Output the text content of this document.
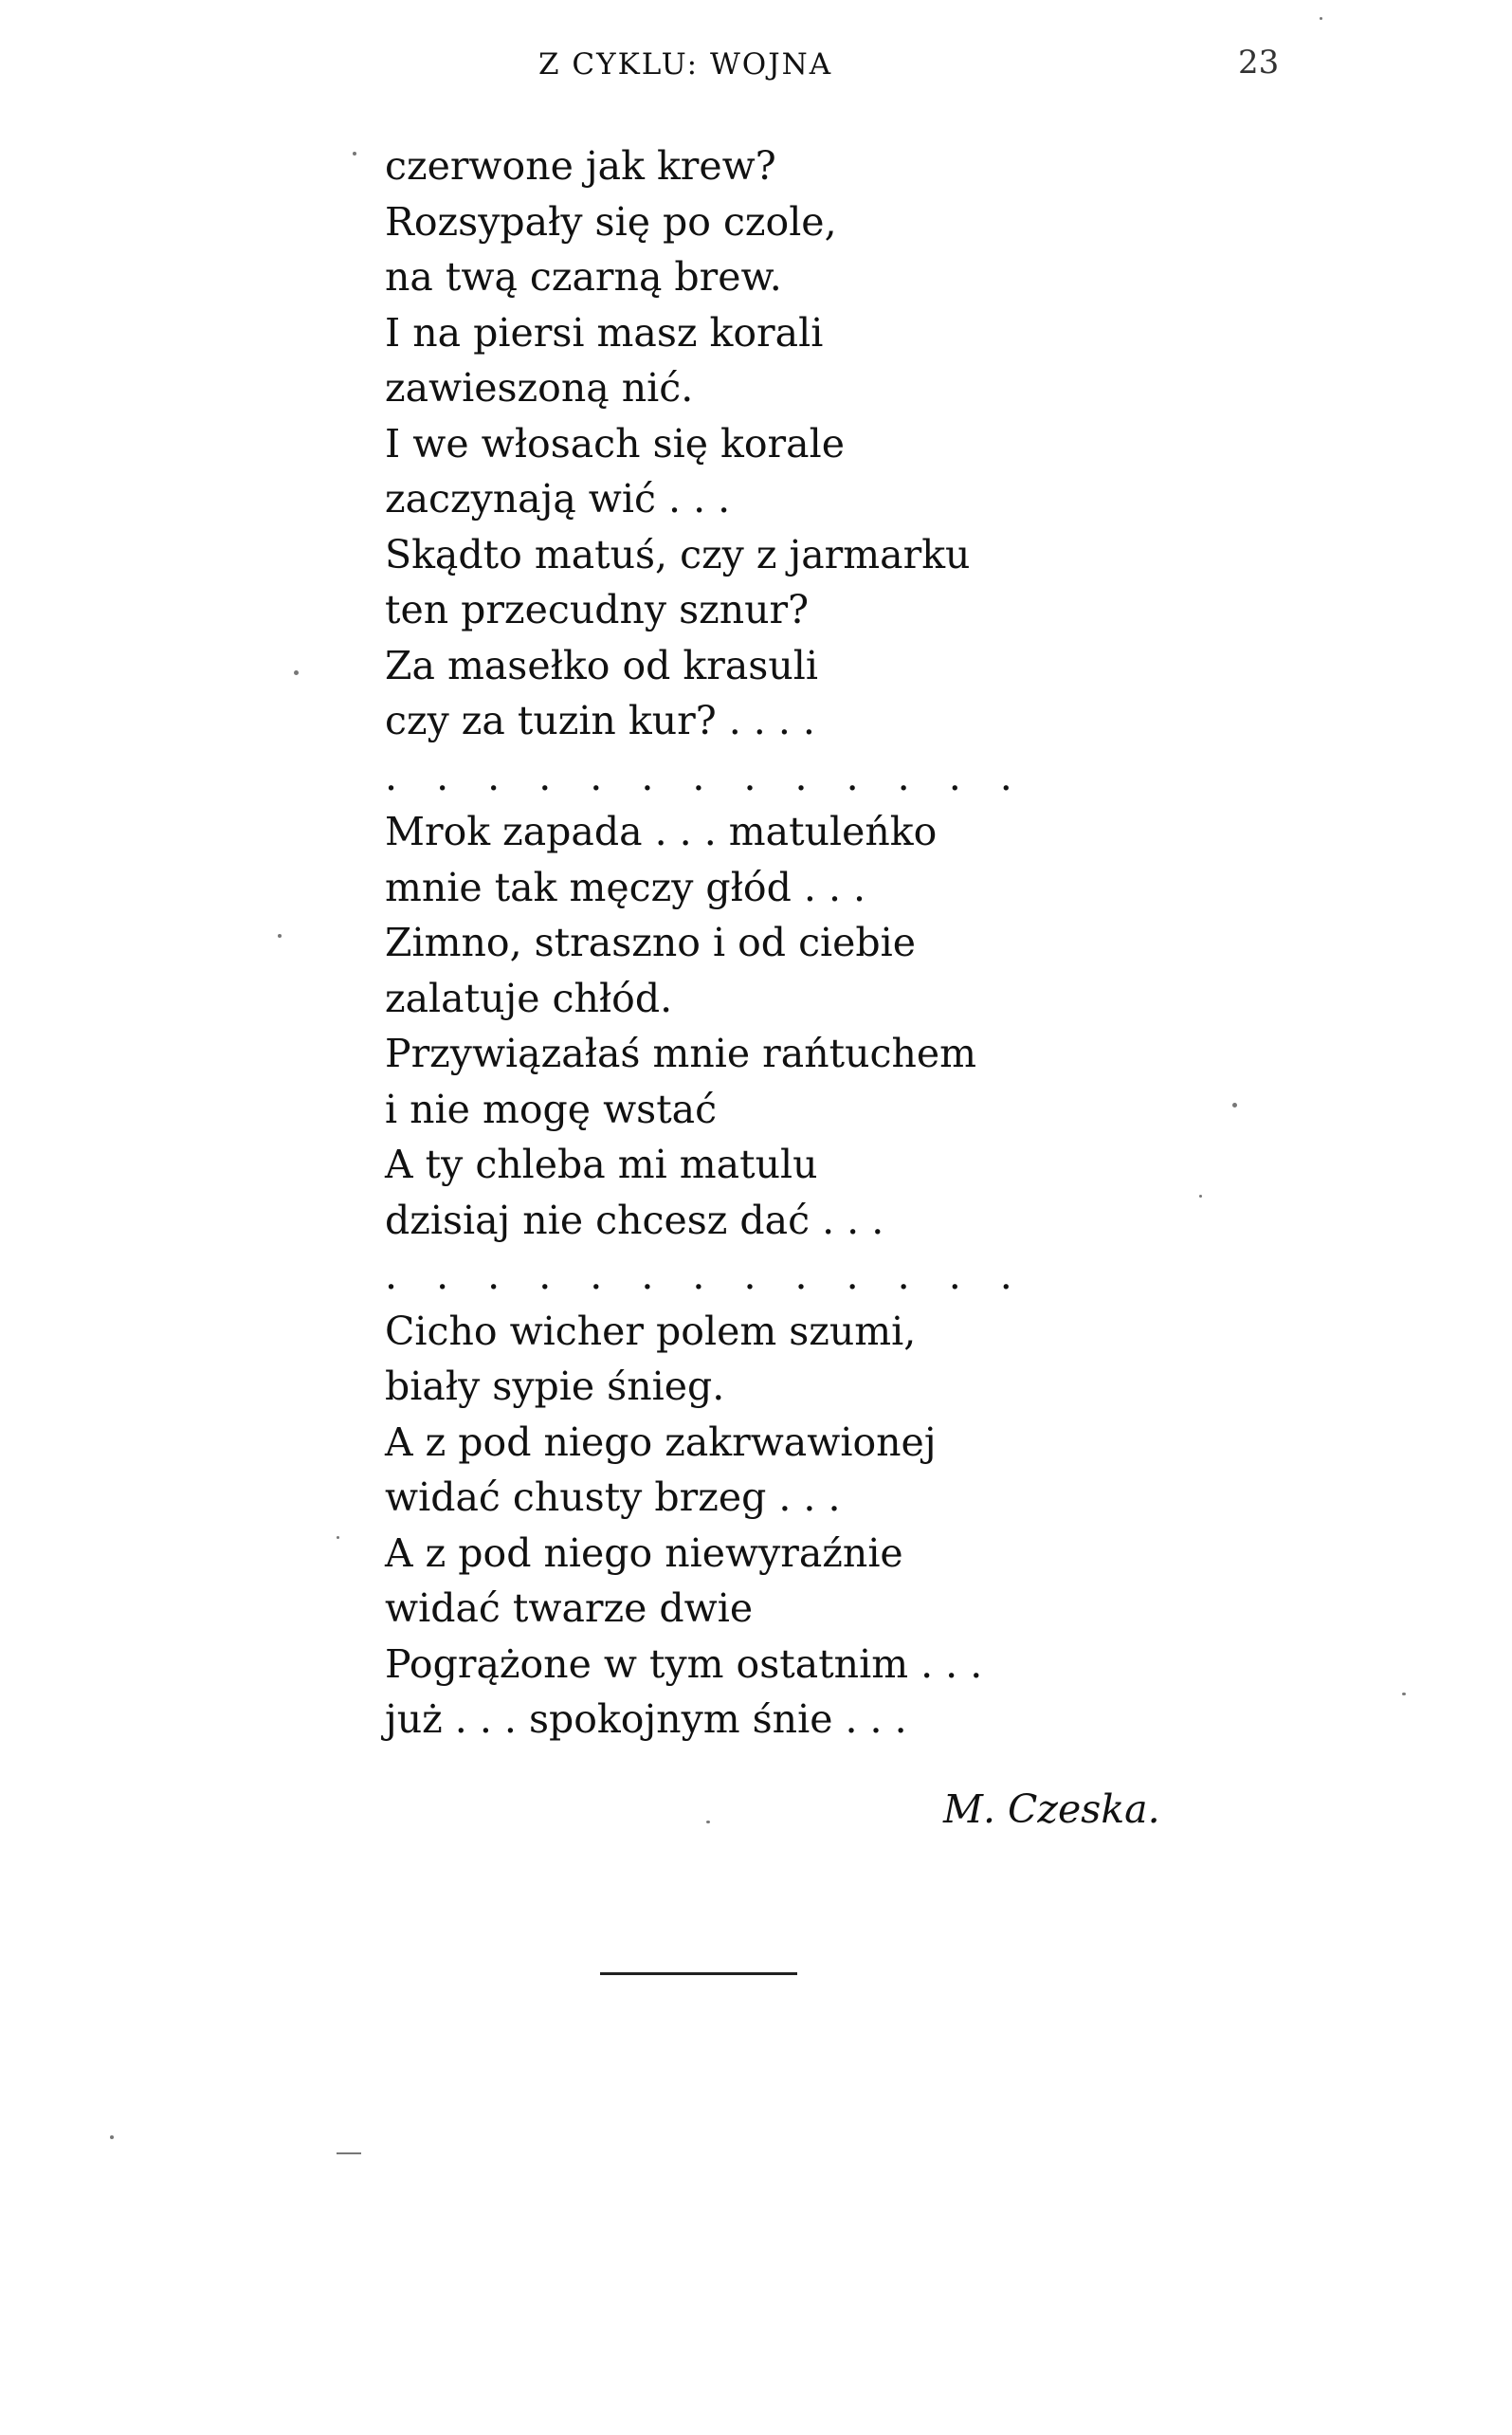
Z CYKLU: WOJNA	23
czerwone jak krew?
Rozsypały się po czole,
na twą czarną brew.
I na piersi masz korali
zawieszoną nić.
I we włosach się korale
zaczynają wić . . .
Skądto matuś, czy z jarmarku
ten przecudny sznur?
Za masełko od krasuli
czy za tuzin kur? . . . .
. . . . . . . . . . . . .
Mrok zapada . . . matuleńko
mnie tak męczy głód . . .
Zimno, straszno i od ciebie
zalatuje chłód.
Przywiązałaś mnie rańtuchem
i nie mogę wstać
A ty chleba mi matulu
dzisiaj nie chcesz dać . . .
. . . . . . . . . . . . .
Cicho wicher polem szumi,
biały sypie śnieg.
A z pod niego zakrwawionej
widać chusty brzeg . . .
A z pod niego niewyraźnie
widać twarze dwie
Pogrążone w tym ostatnim . . .
już . . . spokojnym śnie . . .
M. Czeska.
